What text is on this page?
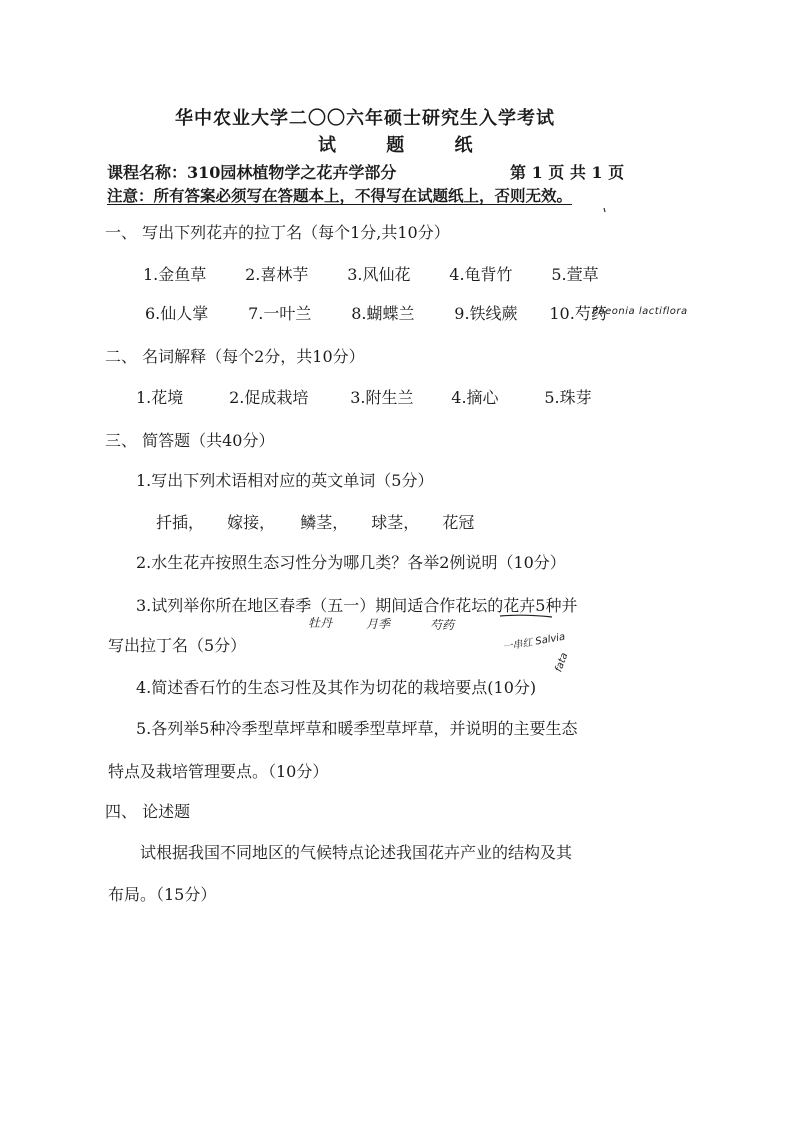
华中农业大学二〇〇六年硕士研究生入学考试
试 题 纸
课程名称：310园林植物学之花卉学部分	第 1 页 共 1 页
注意：所有答案必须写在答题本上，不得写在试题纸上，否则无效。
一、 写出下列花卉的拉丁名（每个1分,共10分）
1.金鱼草 2.喜林芋 3.风仙花 4.龟背竹 5.萱草
6.仙人掌 7.一叶兰 8.蝴蝶兰 9.铁线蕨 10.芍药
Paeonia lactiflora
二、 名词解释（每个2分，共10分）
1.花境	2.促成栽培	3.附生兰 4.摘心	5.珠芽
三、 简答题（共40分）
1.写出下列术语相对应的英文单词（5分）
扦插， 嫁接， 鳞茎， 球茎， 花冠
2.水生花卉按照生态习性分为哪几类？各举2例说明（10分）
3.试列举你所在地区春季（五一）期间适合作花坛的花卉5种并
写出拉丁名（5分）
牡丹	月季	芍药
一串红 Salvia
fata
4.简述香石竹的生态习性及其作为切花的栽培要点(10分)
5.各列举5种冷季型草坪草和暖季型草坪草，并说明的主要生态
特点及栽培管理要点。（10分）
四、 论述题
试根据我国不同地区的气候特点论述我国花卉产业的结构及其
布局。（15分）
